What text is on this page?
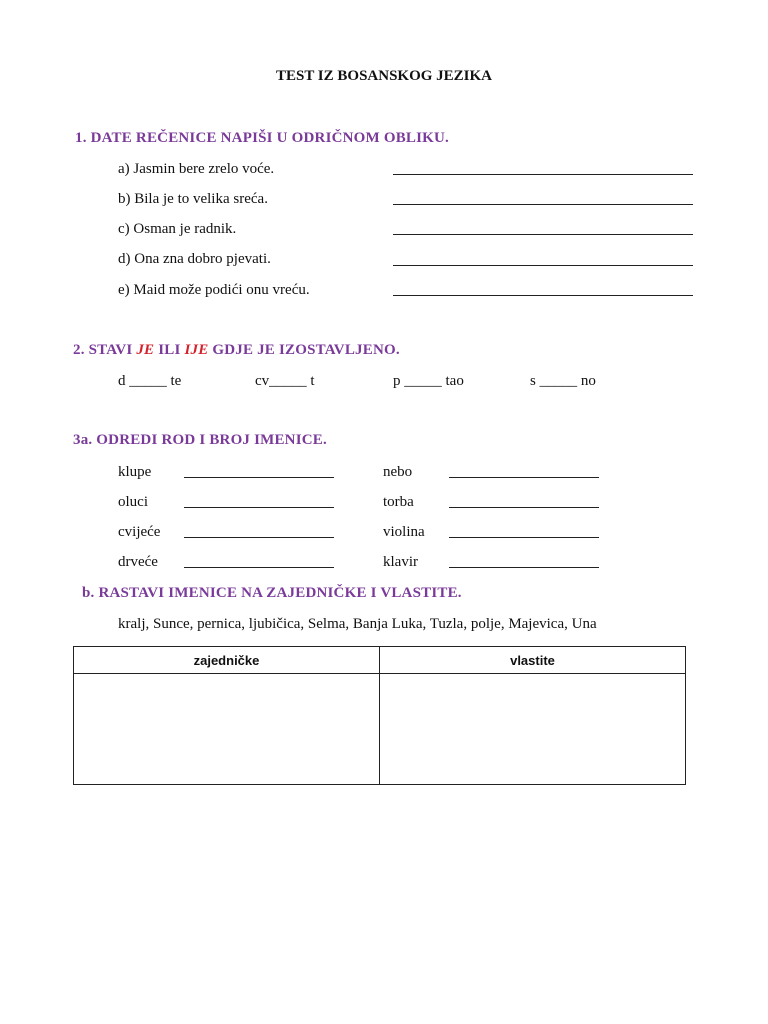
TEST IZ BOSANSKOG JEZIKA
1. DATE REČENICE NAPIŠI U ODRIČNOM OBLIKU.
a) Jasmin bere zrelo voće.
b) Bila je to velika sreća.
c) Osman je radnik.
d) Ona zna dobro pjevati.
e) Maid može podići onu vreću.
2. STAVI JE ILI IJE GDJE JE IZOSTAVLJENO.
d _____ te	cv_____ t	p _____ tao	s _____ no
3a. ODREDI ROD I BROJ IMENICE.
klupe	nebo
oluci	torba
cvijeće	violina
drveće	klavir
b. RASTAVI IMENICE NA ZAJEDNIČKE I VLASTITE.
kralj, Sunce, pernica, ljubičica, Selma, Banja Luka, Tuzla, polje, Majevica, Una
zajedničke	vlastite
